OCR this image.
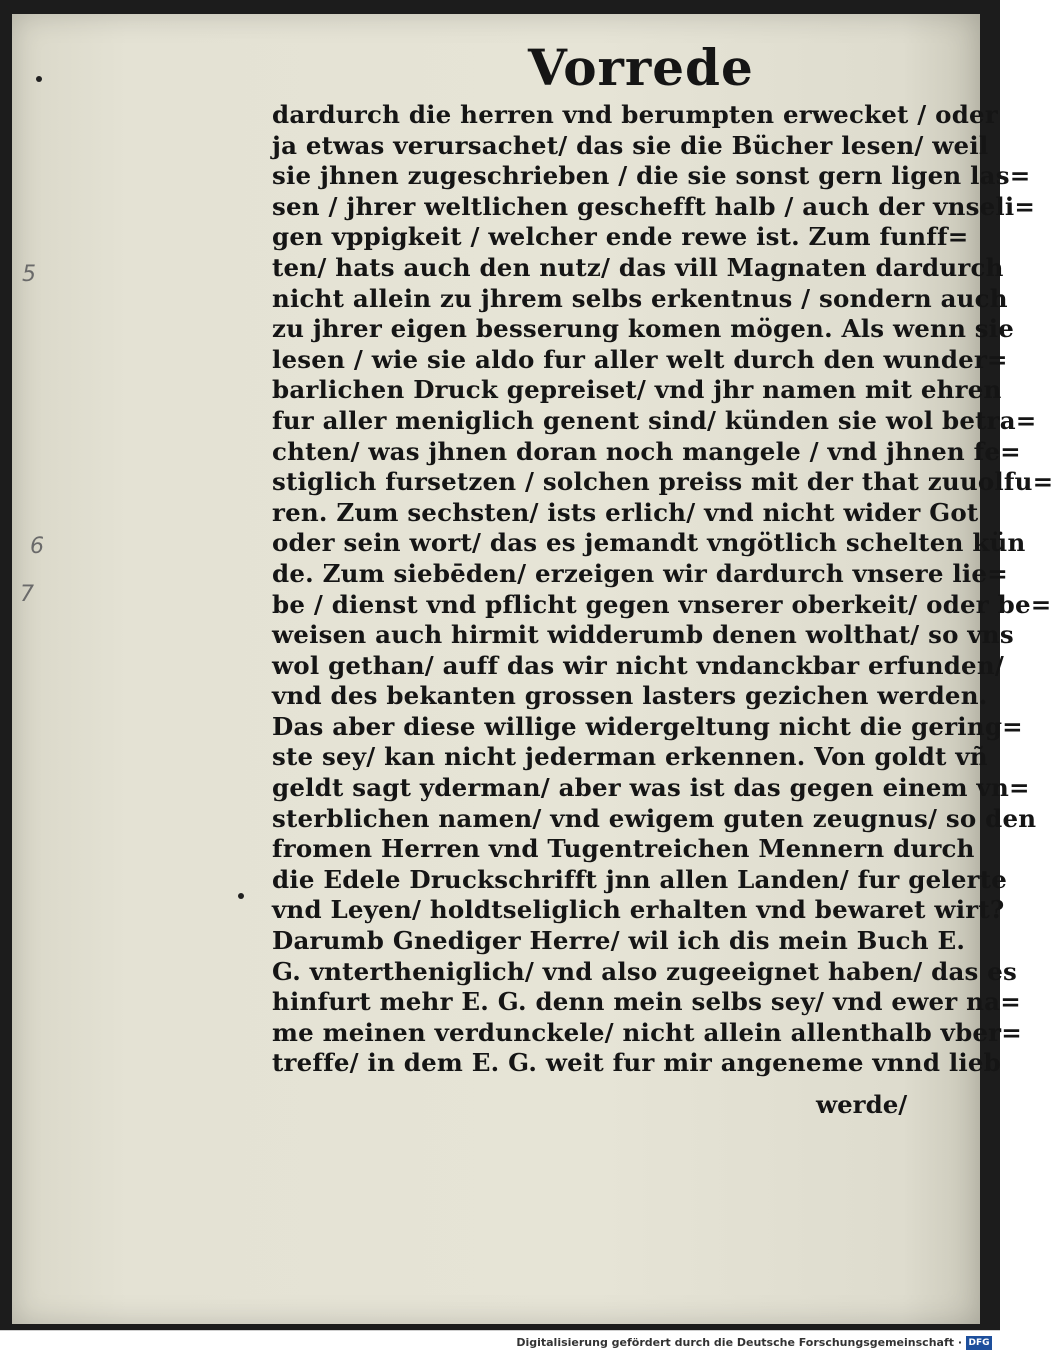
Vorrede
5
6
7
dardurch die herren vnd berumpten erwecket / oder
ja etwas verursachet/ das sie die Bücher lesen/ weil
sie jhnen zugeschrieben / die sie sonst gern ligen las=
sen / jhrer weltlichen geschefft halb / auch der vnseli=
gen vppigkeit / welcher ende rewe ist. Zum funff=
ten/ hats auch den nutz/ das vill Magnaten dardurch
nicht allein zu jhrem selbs erkentnus / sondern auch
zu jhrer eigen besserung komen mögen. Als wenn sie
lesen / wie sie aldo fur aller welt durch den wunder=
barlichen Druck gepreiset/ vnd jhr namen mit ehren
fur aller meniglich genent sind/ künden sie wol betra=
chten/ was jhnen doran noch mangele / vnd jhnen fe=
stiglich fursetzen / solchen preiss mit der that zuuolfu=
ren. Zum sechsten/ ists erlich/ vnd nicht wider Got
oder sein wort/ das es jemandt vngötlich schelten kün
de. Zum siebēden/ erzeigen wir dardurch vnsere lie=
be / dienst vnd pflicht gegen vnserer oberkeit/ oder be=
weisen auch hirmit widderumb denen wolthat/ so vns
wol gethan/ auff das wir nicht vndanckbar erfunden/
vnd des bekanten grossen lasters gezichen werden.
Das aber diese willige widergeltung nicht die gering=
ste sey/ kan nicht jederman erkennen. Von goldt vñ
geldt sagt yderman/ aber was ist das gegen einem vn=
sterblichen namen/ vnd ewigem guten zeugnus/ so den
fromen Herren vnd Tugentreichen Mennern durch
die Edele Druckschrifft jnn allen Landen/ fur gelerte
vnd Leyen/ holdtseliglich erhalten vnd bewaret wirt?
Darumb Gnediger Herre/ wil ich dis mein Buch E.
G. vntertheniglich/ vnd also zugeeignet haben/ das es
hinfurt mehr E. G. denn mein selbs sey/ vnd ewer na=
me meinen verdunckele/ nicht allein allenthalb vber=
treffe/ in dem E. G. weit fur mir angeneme vnnd lieb
werde/
Digitalisierung gefördert durch die Deutsche Forschungsgemeinschaft · DFG
